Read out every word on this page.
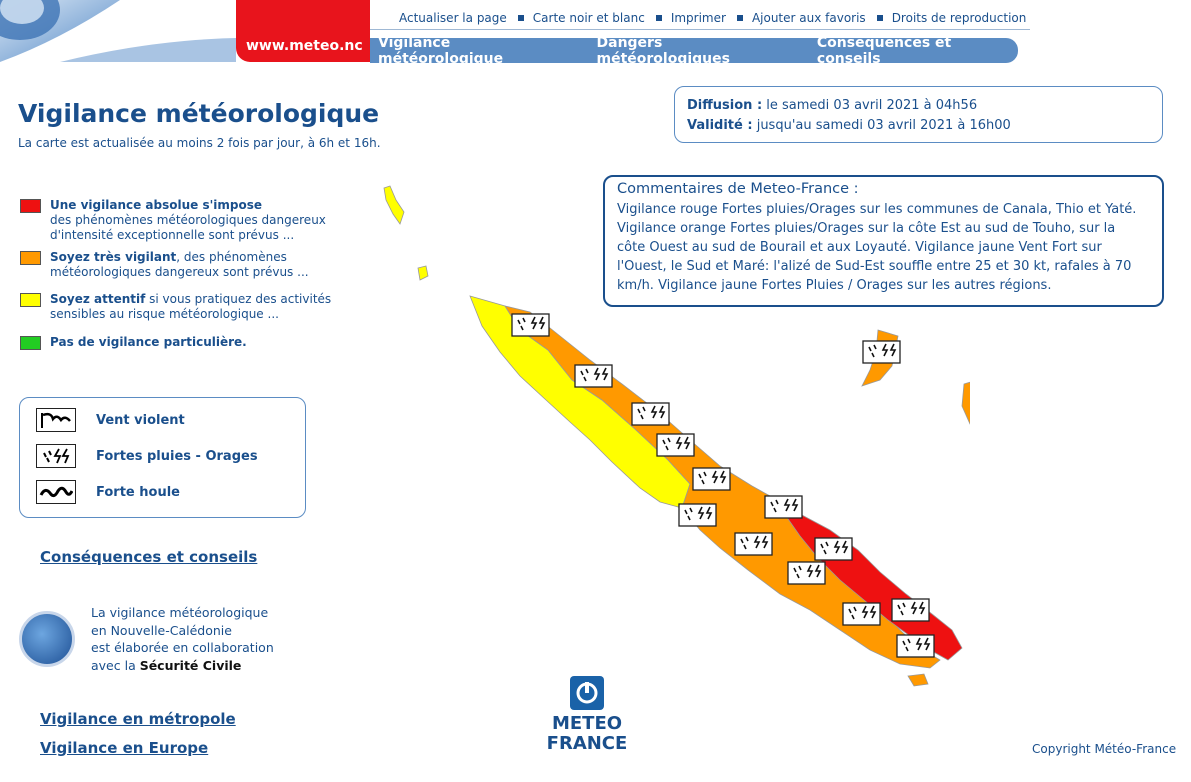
www.meteo.nc
Actualiser la page Carte noir et blanc Imprimer Ajouter aux favoris Droits de reproduction
Vigilance météorologique
Dangers météorologiques
Conséquences et conseils
Vigilance météorologique
La carte est actualisée au moins 2 fois par jour, à 6h et 16h.
Une vigilance absolue s'impose
des phénomènes météorologiques dangereux d'intensité exceptionnelle sont prévus ...
Soyez très vigilant, des phénomènes météorologiques dangereux sont prévus ...
Soyez attentif si vous pratiquez des activités sensibles au risque météorologique ...
Pas de vigilance particulière.
Vent violent
Fortes pluies - Orages
Forte houle
Conséquences et conseils
La vigilance météorologique
en Nouvelle-Calédonie
est élaborée en collaboration
avec la Sécurité Civile
Vigilance en métropole
Vigilance en Europe
Diffusion : le samedi 03 avril 2021 à 04h56
Validité : jusqu'au samedi 03 avril 2021 à 16h00
Commentaires de Meteo-France :

Vigilance rouge Fortes pluies/Orages sur les communes de Canala, Thio et Yaté.

Vigilance orange Fortes pluies/Orages sur la côte Est au sud de Touho, sur la côte Ouest au sud de Bourail et aux Loyauté. Vigilance jaune Vent Fort sur l'Ouest, le Sud et Maré: l'alizé de Sud-Est souffle entre 25 et 30 kt, rafales à 70 km/h. Vigilance jaune Fortes Pluies / Orages sur les autres régions.

METEO
FRANCE	Copyright Météo-France
